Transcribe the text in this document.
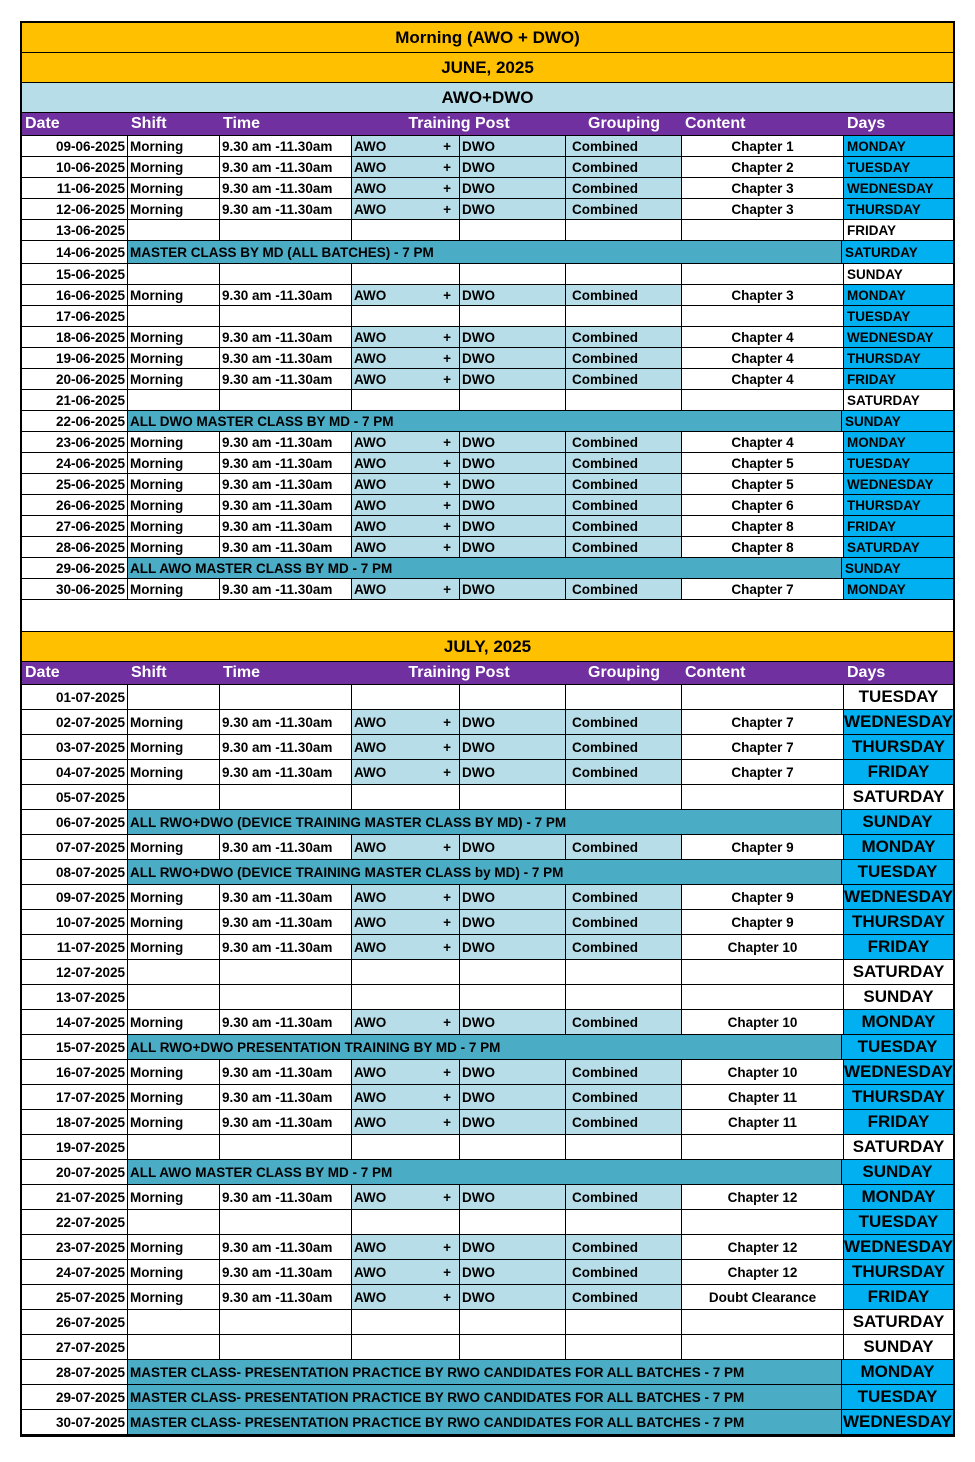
Morning (AWO + DWO)
JUNE, 2025
AWO+DWO
Date	Shift	Time	Training Post	Grouping	Content	Days
09-06-2025 Morning	9.30 am -11.30am	AWO	+ DWO	Combined	Chapter 1	MONDAY
10-06-2025 Morning	9.30 am -11.30am	AWO	+ DWO	Combined	Chapter 2	TUESDAY
11-06-2025 Morning	9.30 am -11.30am	AWO	+ DWO	Combined	Chapter 3	WEDNESDAY
12-06-2025 Morning	9.30 am -11.30am	AWO	+ DWO	Combined	Chapter 3	THURSDAY
13-06-2025	FRIDAY
14-06-2025 MASTER CLASS BY MD (ALL BATCHES) - 7 PM	SATURDAY
15-06-2025	SUNDAY
16-06-2025 Morning	9.30 am -11.30am	AWO	+ DWO	Combined	Chapter 3	MONDAY
17-06-2025	TUESDAY
18-06-2025 Morning	9.30 am -11.30am	AWO	+ DWO	Combined	Chapter 4	WEDNESDAY
19-06-2025 Morning	9.30 am -11.30am	AWO	+ DWO	Combined	Chapter 4	THURSDAY
20-06-2025 Morning	9.30 am -11.30am	AWO	+ DWO	Combined	Chapter 4	FRIDAY
21-06-2025	SATURDAY
22-06-2025 ALL DWO MASTER CLASS BY MD - 7 PM	SUNDAY
23-06-2025 Morning	9.30 am -11.30am	AWO	+ DWO	Combined	Chapter 4	MONDAY
24-06-2025 Morning	9.30 am -11.30am	AWO	+ DWO	Combined	Chapter 5	TUESDAY
25-06-2025 Morning	9.30 am -11.30am	AWO	+ DWO	Combined	Chapter 5	WEDNESDAY
26-06-2025 Morning	9.30 am -11.30am	AWO	+ DWO	Combined	Chapter 6	THURSDAY
27-06-2025 Morning	9.30 am -11.30am	AWO	+ DWO	Combined	Chapter 8	FRIDAY
28-06-2025 Morning	9.30 am -11.30am	AWO	+ DWO	Combined	Chapter 8	SATURDAY
29-06-2025 ALL AWO MASTER CLASS BY MD - 7 PM	SUNDAY
30-06-2025 Morning	9.30 am -11.30am	AWO	+ DWO	Combined	Chapter 7	MONDAY
JULY, 2025
Date	Shift	Time	Training Post	Grouping	Content	Days
01-07-2025	TUESDAY
02-07-2025 Morning	9.30 am -11.30am	AWO	+ DWO	Combined	Chapter 7	WEDNESDAY
03-07-2025 Morning	9.30 am -11.30am	AWO	+ DWO	Combined	Chapter 7	THURSDAY
04-07-2025 Morning	9.30 am -11.30am	AWO	+ DWO	Combined	Chapter 7	FRIDAY
05-07-2025	SATURDAY
06-07-2025 ALL RWO+DWO (DEVICE TRAINING MASTER CLASS BY MD) - 7 PM	SUNDAY
07-07-2025 Morning	9.30 am -11.30am	AWO	+ DWO	Combined	Chapter 9	MONDAY
08-07-2025 ALL RWO+DWO (DEVICE TRAINING MASTER CLASS by MD) - 7 PM	TUESDAY
09-07-2025 Morning	9.30 am -11.30am	AWO	+ DWO	Combined	Chapter 9	WEDNESDAY
10-07-2025 Morning	9.30 am -11.30am	AWO	+ DWO	Combined	Chapter 9	THURSDAY
11-07-2025 Morning	9.30 am -11.30am	AWO	+ DWO	Combined	Chapter 10	FRIDAY
12-07-2025	SATURDAY
13-07-2025	SUNDAY
14-07-2025 Morning	9.30 am -11.30am	AWO	+ DWO	Combined	Chapter 10	MONDAY
15-07-2025 ALL RWO+DWO PRESENTATION TRAINING BY MD - 7 PM	TUESDAY
16-07-2025 Morning	9.30 am -11.30am	AWO	+ DWO	Combined	Chapter 10	WEDNESDAY
17-07-2025 Morning	9.30 am -11.30am	AWO	+ DWO	Combined	Chapter 11	THURSDAY
18-07-2025 Morning	9.30 am -11.30am	AWO	+ DWO	Combined	Chapter 11	FRIDAY
19-07-2025	SATURDAY
20-07-2025 ALL AWO MASTER CLASS BY MD - 7 PM	SUNDAY
21-07-2025 Morning	9.30 am -11.30am	AWO	+ DWO	Combined	Chapter 12	MONDAY
22-07-2025	TUESDAY
23-07-2025 Morning	9.30 am -11.30am	AWO	+ DWO	Combined	Chapter 12	WEDNESDAY
24-07-2025 Morning	9.30 am -11.30am	AWO	+ DWO	Combined	Chapter 12	THURSDAY
25-07-2025 Morning	9.30 am -11.30am	AWO	+ DWO	Combined	Doubt Clearance	FRIDAY
26-07-2025	SATURDAY
27-07-2025	SUNDAY
28-07-2025 MASTER CLASS- PRESENTATION PRACTICE BY RWO CANDIDATES FOR ALL BATCHES - 7 PM	MONDAY
29-07-2025 MASTER CLASS- PRESENTATION PRACTICE BY RWO CANDIDATES FOR ALL BATCHES - 7 PM	TUESDAY
30-07-2025 MASTER CLASS- PRESENTATION PRACTICE BY RWO CANDIDATES FOR ALL BATCHES - 7 PM	WEDNESDAY
